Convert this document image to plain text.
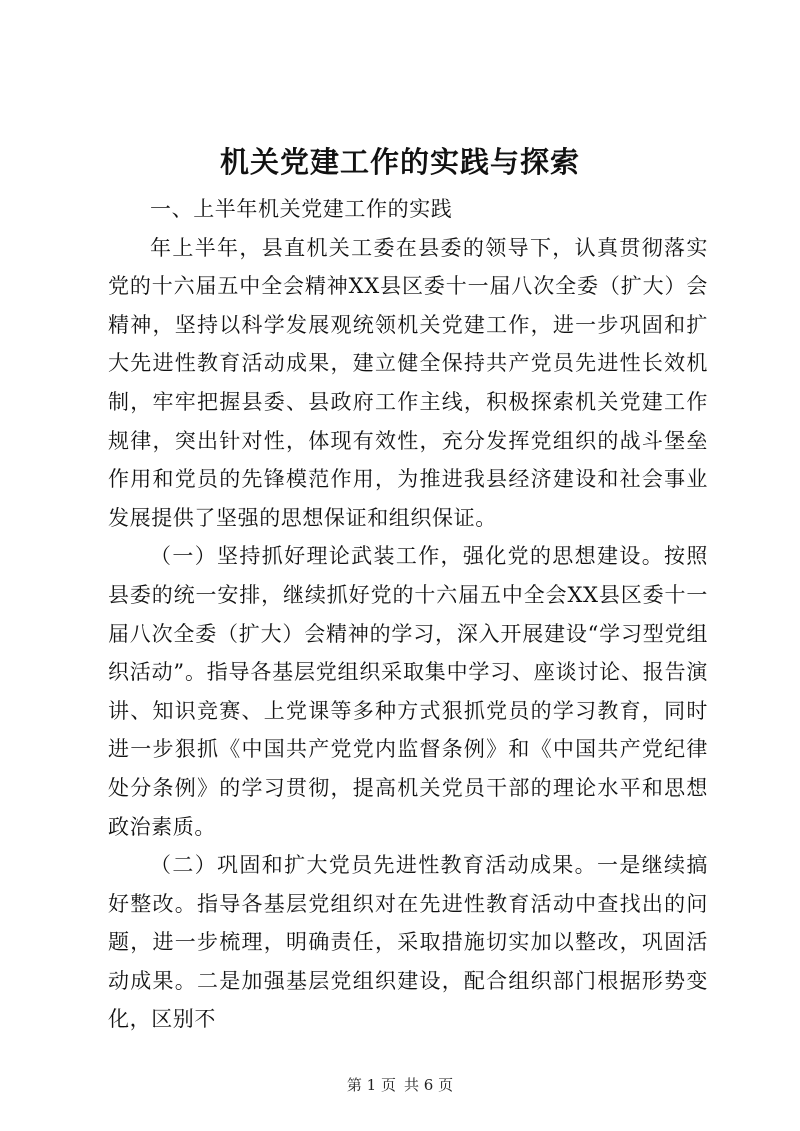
机关党建工作的实践与探索

一、上半年机关党建工作的实践

年上半年，县直机关工委在县委的领导下，认真贯彻落实党的十六届五中全会精神XX县区委十一届八次全委（扩大）会精神，坚持以科学发展观统领机关党建工作，进一步巩固和扩大先进性教育活动成果，建立健全保持共产党员先进性长效机制，牢牢把握县委、县政府工作主线，积极探索机关党建工作规律，突出针对性，体现有效性，充分发挥党组织的战斗堡垒作用和党员的先锋模范作用，为推进我县经济建设和社会事业发展提供了坚强的思想保证和组织保证。

（一）坚持抓好理论武装工作，强化党的思想建设。按照县委的统一安排，继续抓好党的十六届五中全会XX县区委十一届八次全委（扩大）会精神的学习，深入开展建设“学习型党组织活动”。指导各基层党组织采取集中学习、座谈讨论、报告演讲、知识竞赛、上党课等多种方式狠抓党员的学习教育，同时进一步狠抓《中国共产党党内监督条例》和《中国共产党纪律处分条例》的学习贯彻，提高机关党员干部的理论水平和思想政治素质。

（二）巩固和扩大党员先进性教育活动成果。一是继续搞好整改。指导各基层党组织对在先进性教育活动中查找出的问题，进一步梳理，明确责任，采取措施切实加以整改，巩固活动成果。二是加强基层党组织建设，配合组织部门根据形势变化，区别不

第 1 页 共 6 页
